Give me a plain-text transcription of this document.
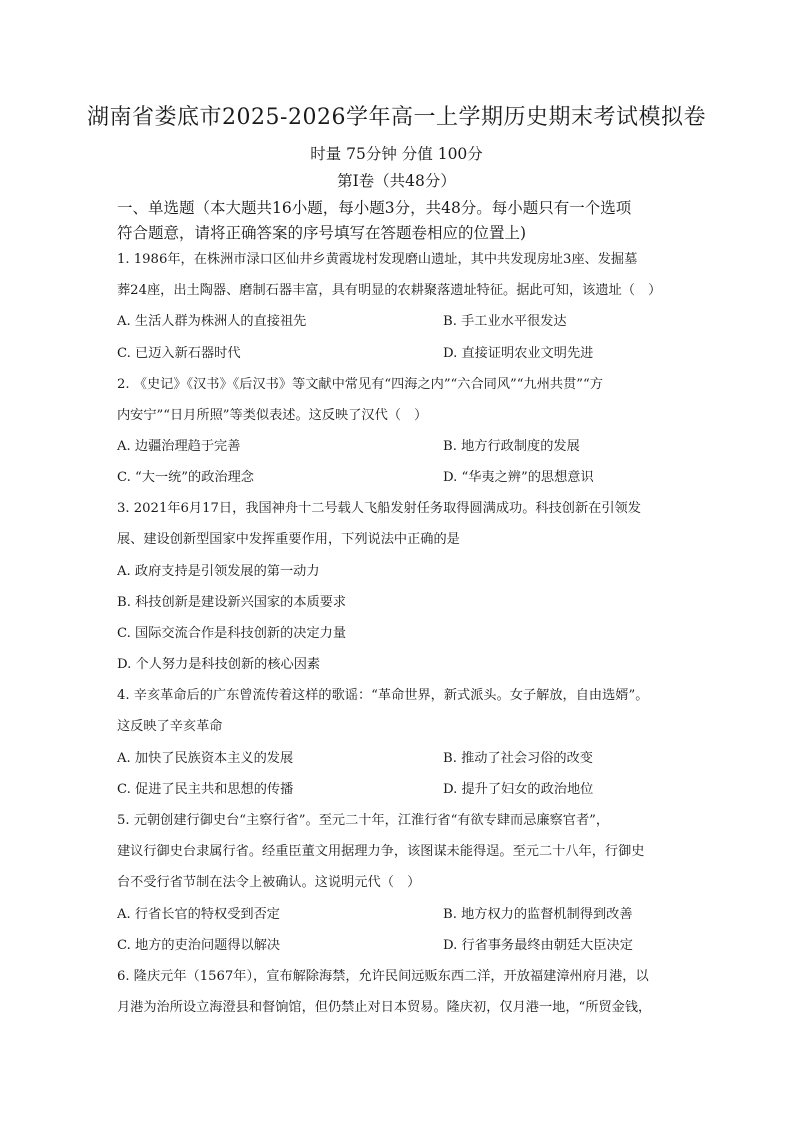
湖南省娄底市2025-2026学年高一上学期历史期末考试模拟卷
时量 75分钟 分值 100分
第I卷（共48分）
一、单选题（本大题共16小题，每小题3分，共48分。每小题只有一个选项
符合题意，请将正确答案的序号填写在答题卷相应的位置上)
1. 1986年，在株洲市渌口区仙井乡黄霞垅村发现磨山遗址，其中共发现房址3座、发掘墓
葬24座，出土陶器、磨制石器丰富，具有明显的农耕聚落遗址特征。据此可知，该遗址（　）
A. 生活人群为株洲人的直接祖先	B. 手工业水平很发达
C. 已迈入新石器时代	D. 直接证明农业文明先进
2. 《史记》《汉书》《后汉书》等文献中常见有“四海之内”“六合同风”“九州共贯”“方
内安宁”“日月所照”等类似表述。这反映了汉代（　）
A. 边疆治理趋于完善	B. 地方行政制度的发展
C. “大一统”的政治理念	D. “华夷之辨”的思想意识
3. 2021年6月17日，我国神舟十二号载人飞船发射任务取得圆满成功。科技创新在引领发
展、建设创新型国家中发挥重要作用，下列说法中正确的是
A. 政府支持是引领发展的第一动力
B. 科技创新是建设新兴国家的本质要求
C. 国际交流合作是科技创新的决定力量
D. 个人努力是科技创新的核心因素
4. 辛亥革命后的广东曾流传着这样的歌谣：“革命世界，新式派头。女子解放，自由选婿”。
这反映了辛亥革命
A. 加快了民族资本主义的发展	B. 推动了社会习俗的改变
C. 促进了民主共和思想的传播	D. 提升了妇女的政治地位
5. 元朝创建行御史台“主察行省”。至元二十年，江淮行省“有欲专肆而忌廉察官者”，
建议行御史台隶属行省。经重臣董文用据理力争，该图谋未能得逞。至元二十八年，行御史
台不受行省节制在法令上被确认。这说明元代（　）
A. 行省长官的特权受到否定	B. 地方权力的监督机制得到改善
C. 地方的吏治问题得以解决	D. 行省事务最终由朝廷大臣决定
6. 隆庆元年（1567年），宣布解除海禁，允许民间远贩东西二洋，开放福建漳州府月港，以
月港为治所设立海澄县和督饷馆，但仍禁止对日本贸易。隆庆初，仅月港一地，“所贸金钱，
